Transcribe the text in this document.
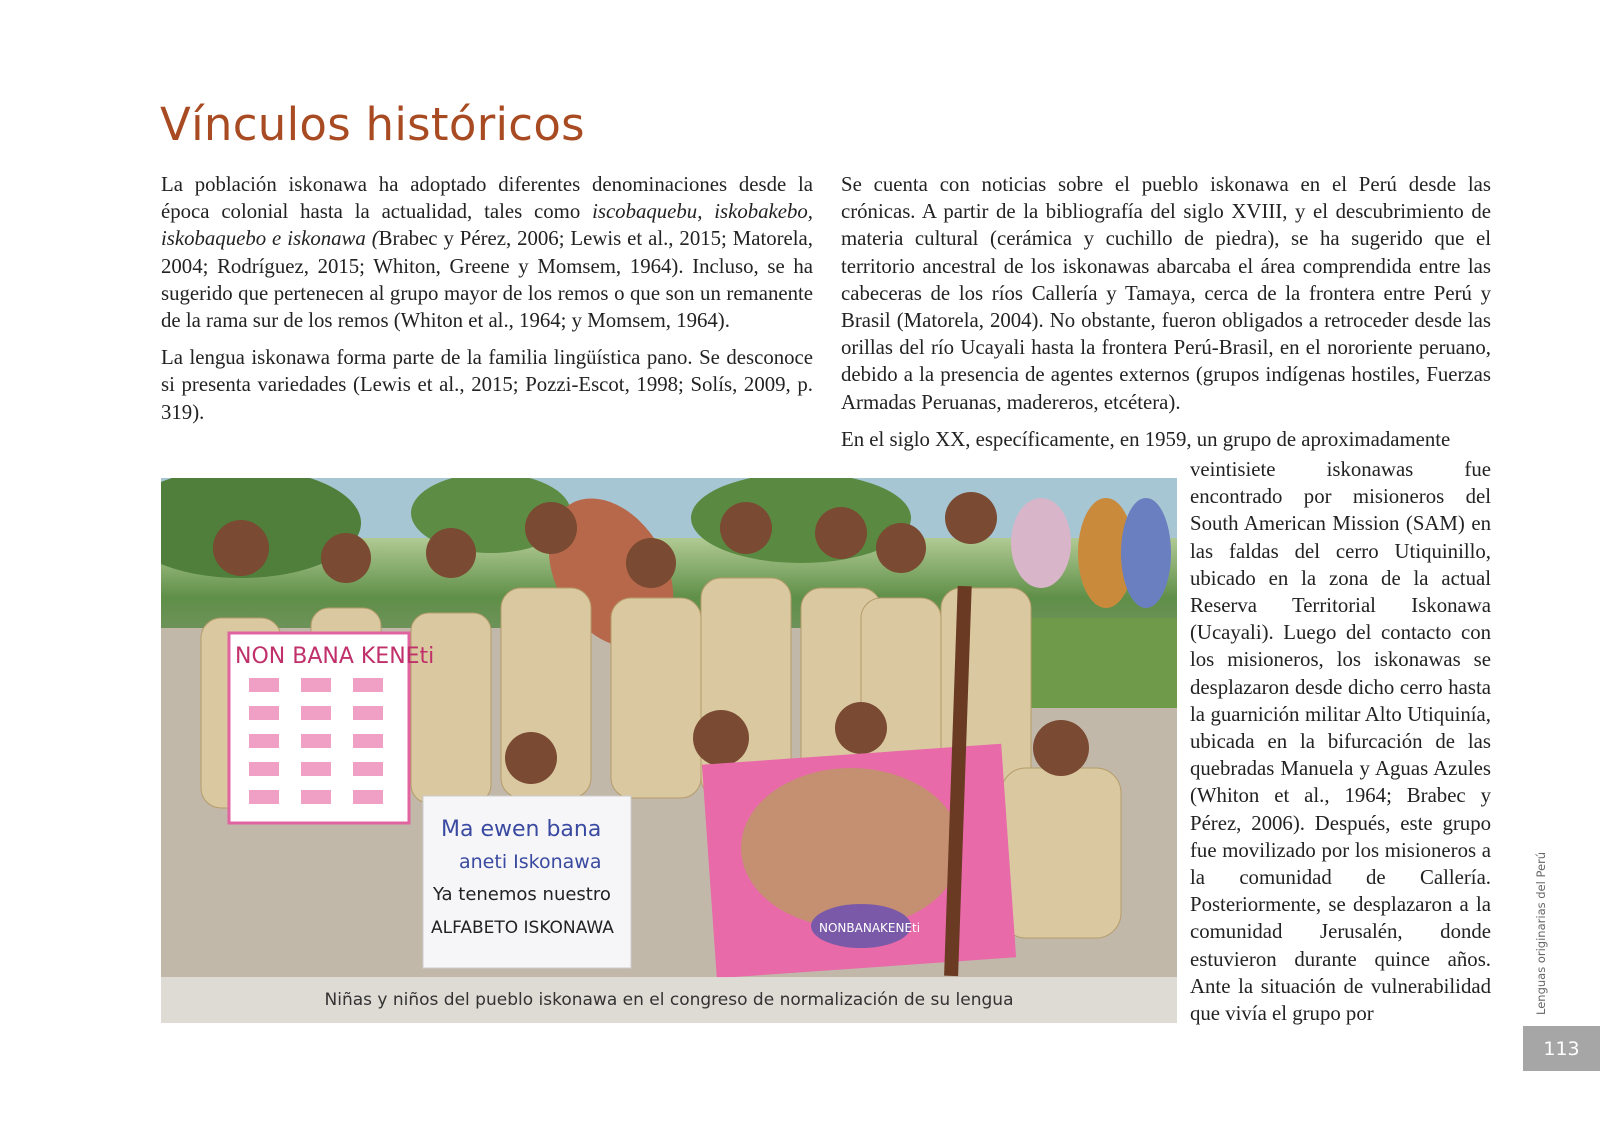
Vínculos históricos

La población iskonawa ha adoptado diferentes denominaciones desde la época colonial hasta la actualidad, tales como iscobaquebu, iskobakebo, iskobaquebo e iskonawa (Brabec y Pérez, 2006; Lewis et al., 2015; Matorela, 2004; Rodríguez, 2015; Whiton, Greene y Momsem, 1964). Incluso, se ha sugerido que pertenecen al grupo mayor de los remos o que son un remanente de la rama sur de los remos (Whiton et al., 1964; y Momsem, 1964).

La lengua iskonawa forma parte de la familia lingüística pano. Se desconoce si presenta variedades (Lewis et al., 2015; Pozzi-Escot, 1998; Solís, 2009, p. 319).

Se cuenta con noticias sobre el pueblo iskonawa en el Perú desde las crónicas. A partir de la bibliografía del siglo XVIII, y el descubrimiento de materia cultural (cerámica y cuchillo de piedra), se ha sugerido que el territorio ancestral de los iskonawas abarcaba el área comprendida entre las cabeceras de los ríos Callería y Tamaya, cerca de la frontera entre Perú y Brasil (Matorela, 2004). No obstante, fueron obligados a retroceder desde las orillas del río Ucayali hasta la frontera Perú-Brasil, en el nororiente peruano, debido a la presencia de agentes externos (grupos indígenas hostiles, Fuerzas Armadas Peruanas, madereros, etcétera).

En el siglo XX, específicamente, en 1959, un grupo de aproximadamente

veintisiete iskonawas fue encontrado por misioneros del South American Mission (SAM) en las faldas del cerro Utiquinillo, ubicado en la zona de la actual Reserva Territorial Iskonawa (Ucayali). Luego del contacto con los misioneros, los iskonawas se desplazaron desde dicho cerro hasta la guarnición militar Alto Utiquinía, ubicada en la bifurcación de las quebradas Manuela y Aguas Azules (Whiton et al., 1964; Brabec y Pérez, 2006). Después, este grupo fue movilizado por los misioneros a la comunidad de Callería. Posteriormente, se desplazaron a la comunidad Jerusalén, donde estuvieron durante quince años. Ante la situación de vulnerabilidad que vivía el grupo por

NON BANA KENEti
Ma ewen bana
aneti Iskonawa
Ya tenemos nuestro
ALFABETO ISKONAWA	NONBANAKENEti
Niñas y niños del pueblo iskonawa en el congreso de normalización de su lengua	Lenguas originarias del Perú
113
